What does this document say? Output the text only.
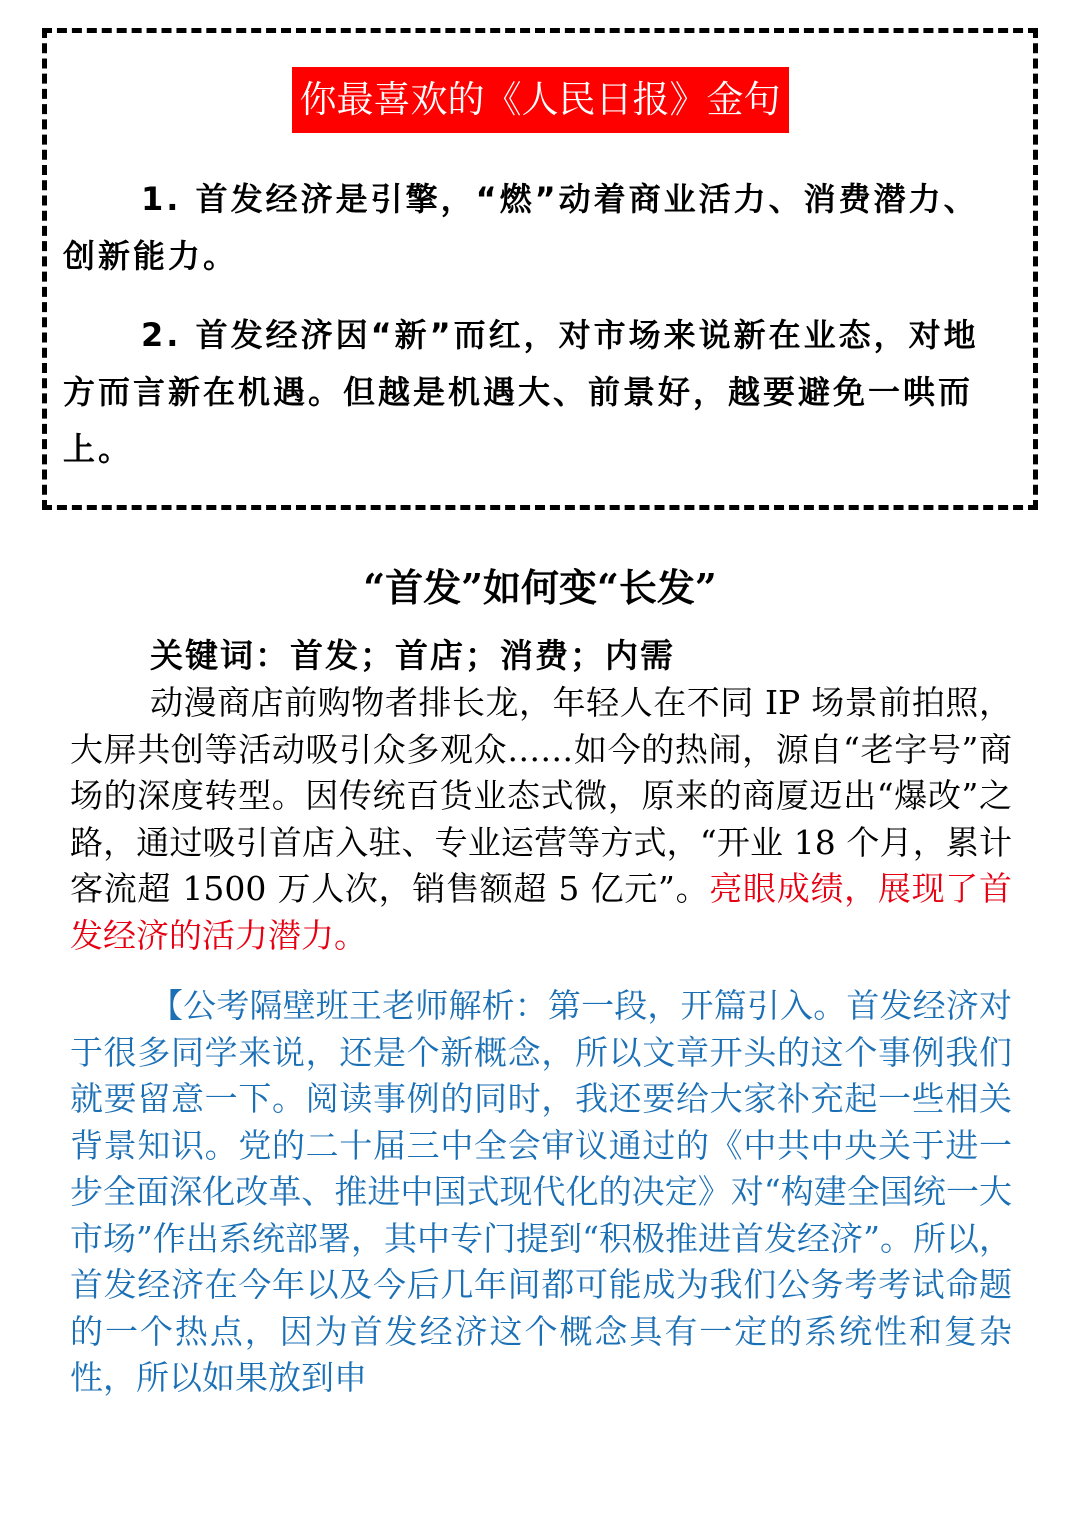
你最喜欢的《人民日报》金句

1. 首发经济是引擎，“燃”动着商业活力、消费潜力、创新能力。

2. 首发经济因“新”而红，对市场来说新在业态，对地方而言新在机遇。但越是机遇大、前景好，越要避免一哄而上。

“首发”如何变“长发”

关键词：首发；首店；消费；内需

动漫商店前购物者排长龙，年轻人在不同 IP 场景前拍照，大屏共创等活动吸引众多观众……如今的热闹，源自“老字号”商场的深度转型。因传统百货业态式微，原来的商厦迈出“爆改”之路，通过吸引首店入驻、专业运营等方式，“开业 18 个月，累计客流超 1500 万人次，销售额超 5 亿元”。亮眼成绩，展现了首发经济的活力潜力。

【公考隔壁班王老师解析：第一段，开篇引入。首发经济对于很多同学来说，还是个新概念，所以文章开头的这个事例我们就要留意一下。阅读事例的同时，我还要给大家补充起一些相关背景知识。党的二十届三中全会审议通过的《中共中央关于进一步全面深化改革、推进中国式现代化的决定》对“构建全国统一大市场”作出系统部署，其中专门提到“积极推进首发经济”。所以，首发经济在今年以及今后几年间都可能成为我们公务考考试命题的一个热点，因为首发经济这个概念具有一定的系统性和复杂性，所以如果放到申
